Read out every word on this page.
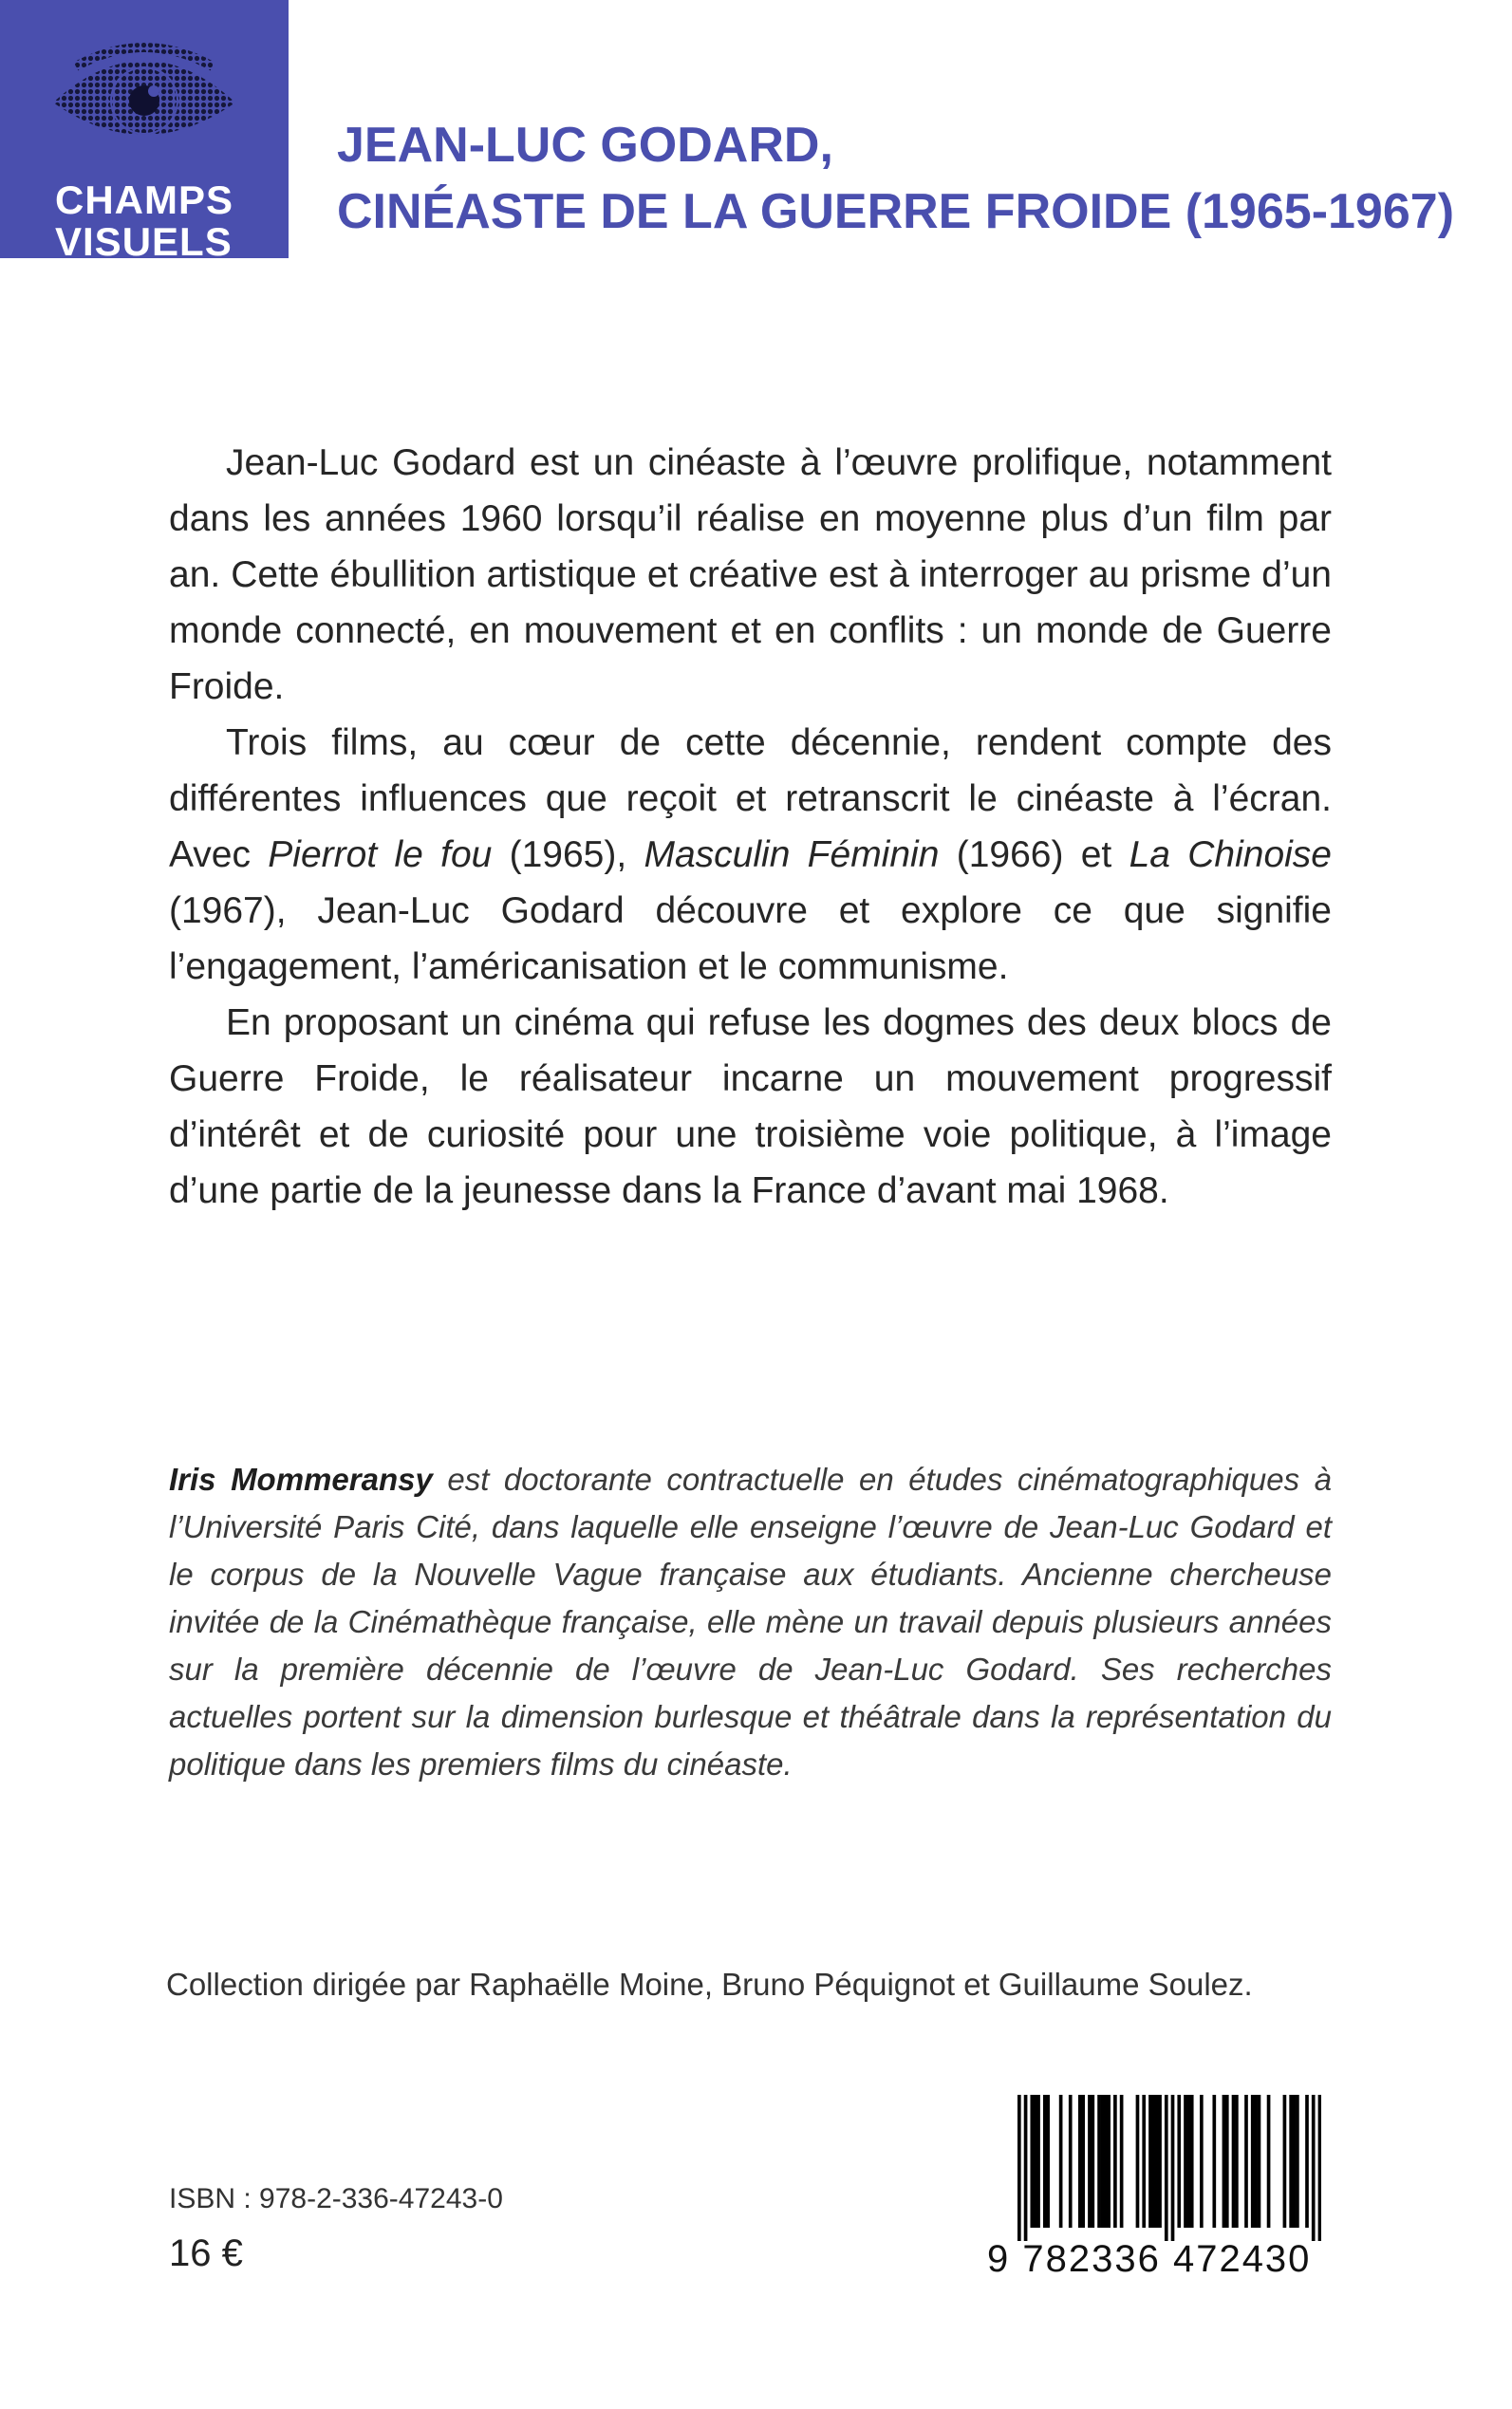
CHAMPS
VISUELS
JEAN-LUC GODARD,
CINÉASTE DE LA GUERRE FROIDE (1965-1967)

Jean-Luc Godard est un cinéaste à l’œuvre prolifique, notamment dans les années 1960 lorsqu’il réalise en moyenne plus d’un film par an. Cette ébullition artistique et créative est à interroger au prisme d’un monde connecté, en mouvement et en conflits : un monde de Guerre Froide.

Trois films, au cœur de cette décennie, rendent compte des différentes influences que reçoit et retranscrit le cinéaste à l’écran. Avec Pierrot le fou (1965), Masculin Féminin (1966) et La Chinoise (1967), Jean-Luc Godard découvre et explore ce que signifie l’engagement, l’américanisation et le communisme.

En proposant un cinéma qui refuse les dogmes des deux blocs de Guerre Froide, le réalisateur incarne un mouvement progressif d’intérêt et de curiosité pour une troisième voie politique, à l’image d’une partie de la jeunesse dans la France d’avant mai 1968.

Iris Mommeransy est doctorante contractuelle en études cinématographiques à l’Université Paris Cité, dans laquelle elle enseigne l’œuvre de Jean-Luc Godard et le corpus de la Nouvelle Vague française aux étudiants. Ancienne chercheuse invitée de la Cinémathèque française, elle mène un travail depuis plusieurs années sur la première décennie de l’œuvre de Jean-Luc Godard. Ses recherches actuelles portent sur la dimension burlesque et théâtrale dans la représentation du politique dans les premiers films du cinéaste.
Collection dirigée par Raphaëlle Moine, Bruno Péquignot et Guillaume Soulez.
ISBN : 978-2-336-47243-0
16 €	9 782336 472430
